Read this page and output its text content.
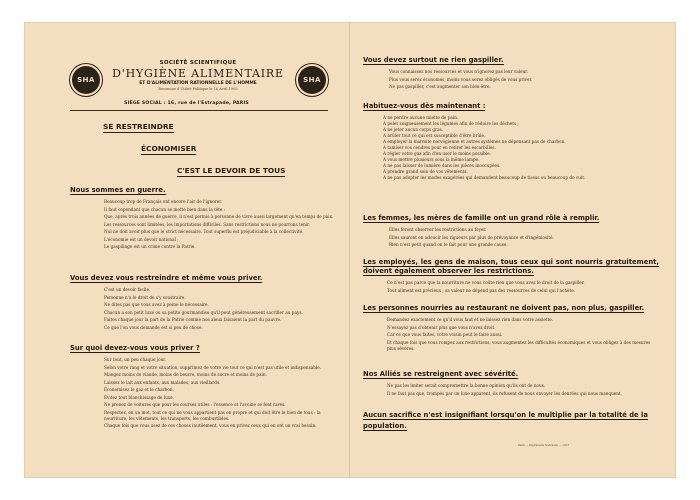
SHA
SOCIÉTÉ SCIENTIFIQUE
D'HYGIÈNE ALIMENTAIRE
ET D'ALIMENTATION RATIONNELLE DE L'HOMME
Reconnue d'Utilité Publique le 16 Avril 1905
SHA
SIÈGE SOCIAL : 16, rue de l'Estrapade, PARIS
SE RESTREINDRE
ÉCONOMISER
C'EST LE DEVOIR DE TOUS
Nous sommes en guerre.

Beaucoup trop de Français ont encore l'air de l'ignorer.

Il faut cependant que chacun se mette bien dans la tête :

Que, après trois années de guerre, il n'est permis à personne de vivre aussi largement qu'en temps de paix.

Les ressources sont limitées, les importations difficiles. Sans restrictions nous ne pourrons tenir.

Nul ne doit avoir plus que le strict nécessaire. Tout superflu est préjudiciable à la collectivité.

L'économie est un devoir national ;

Le gaspillage est un crime contre la Patrie.

Vous devez vous restreindre et même vous priver.

C'est un devoir facile.

Personne n'a le droit de s'y soustraire.

Ne dites pas que vous avez à peine le nécessaire.

Chacun a son petit luxe ou sa petite gourmandise qu'il peut généreusement sacrifier au pays.

Faites chaque jour la part de la Patrie comme nos aïeux faisaient la part du pauvre.

Ce que l'on vous demande est si peu de chose.

Sur quoi devez-vous vous priver ?

Sur tout, un peu chaque jour.

Selon votre rang et votre situation, supprimez de votre vie tout ce qui n'est pas utile et indispensable.

Mangez moins de viande, moins de beurre, moins de sucre et moins de pain.

Laissez le lait aux enfants, aux malades, aux vieillards.

Économisez le gaz et le charbon.

Évitez tout blanchissage de luxe.

Ne prenez de voitures que pour les courses utiles : l'essence et l'avoine se font rares.

Respectez, en un mot, tout ce qui ne vous appartient pas en propre et qui doit être le bien de tous : la nourriture, les vêtements, les transports, les combustibles.

Chaque fois que vous usez de ces choses inutilement, vous en privez ceux qui en ont un vrai besoin.

Vous devez surtout ne rien gaspiller.

Vous connaissez nos ressources et vous n'ignorez pas leur valeur.

Plus vous serez économes, moins vous serez obligés de vous priver.

Ne pas gaspiller, c'est augmenter son bien-être.

Habituez-vous dès maintenant :
A ne perdre aucune miette de pain.
A peler soigneusement les légumes afin de réduire les déchets ;
A ne jeter aucun corps gras.
A brûler tout ce qui est susceptible d'être brûlé.
A employer la marmite norvégienne et autres systèmes ne dépensant pas de charbon.
A tamiser vos cendres pour en retirer les escarbilles.
A régler votre gaz afin d'en user le moins possible.
A vous mettre plusieurs sous la même lampe.
A ne pas laisser de lumière dans les pièces inoccupées.
A prendre grand soin de vos vêtements.
A ne pas adopter les modes exagérées qui demandent beaucoup de tissus ou beaucoup de cuir.
Les femmes, les mères de famille ont un grand rôle à remplir.

Elles feront observer les restrictions au foyer.

Elles sauront en adoucir les rigueurs par plus de prévoyance et d'ingéniosité.

Rien n'est petit quand on le fait pour une grande cause.

Les employés, les gens de maison, tous ceux qui sont nourris gratuitement, doivent également observer les restrictions.

Ce n'est pas parce que la nourriture ne vous coûte rien que vous avez le droit de la gaspiller.

Tout aliment est précieux ; sa valeur ne dépend pas des ressources de celui qui l'achète.

Les personnes nourries au restaurant ne doivent pas, non plus, gaspiller.

Demandez exactement ce qu'il vous faut et ne laissez rien dans votre assiette.

N'essayez pas d'obtenir plus que vous n'avez droit.

Car ce que vous faites, votre voisin peut le faire aussi.

Et chaque fois que vous rompez aux restrictions, vous augmentez les difficultés économiques et vous obligez à des mesures plus sévères.

Nos Alliés se restreignent avec sévérité.

Ne pas les imiter serait compromettre la bonne opinion qu'ils ont de nous.

Il ne faut pas que, trompés par un luxe apparent, ils refusent de nous envoyer les denrées qui nous manquent.

Aucun sacrifice n'est insignifiant lorsqu'on le multiplie par la totalité de la population.
Paris — Imprimerie Nationale — 1917
